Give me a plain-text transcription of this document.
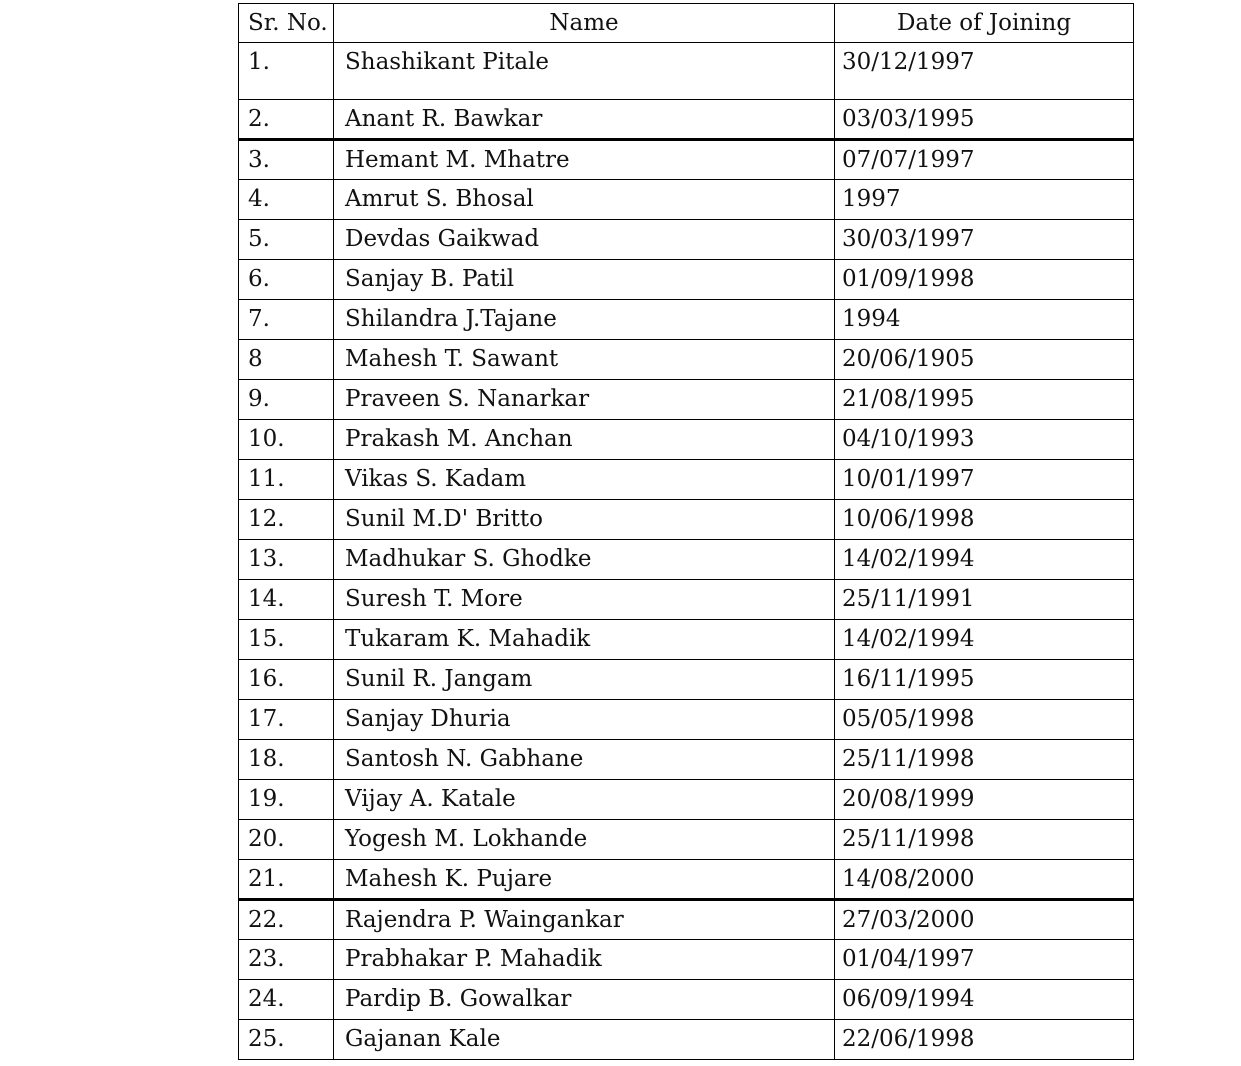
Sr. No.	Name	Date of Joining
1.	Shashikant Pitale	30/12/1997
2.	Anant R. Bawkar	03/03/1995
3.	Hemant M. Mhatre	07/07/1997
4.	Amrut S. Bhosal	1997
5.	Devdas Gaikwad	30/03/1997
6.	Sanjay B. Patil	01/09/1998
7.	Shilandra J.Tajane	1994
8	Mahesh T. Sawant	20/06/1905
9.	Praveen S. Nanarkar	21/08/1995
10.	Prakash M. Anchan	04/10/1993
11.	Vikas S. Kadam	10/01/1997
12.	Sunil M.D' Britto	10/06/1998
13.	Madhukar S. Ghodke	14/02/1994
14.	Suresh T. More	25/11/1991
15.	Tukaram K. Mahadik	14/02/1994
16.	Sunil R. Jangam	16/11/1995
17.	Sanjay Dhuria	05/05/1998
18.	Santosh N. Gabhane	25/11/1998
19.	Vijay A. Katale	20/08/1999
20.	Yogesh M. Lokhande	25/11/1998
21.	Mahesh K. Pujare	14/08/2000
22.	Rajendra P. Waingankar	27/03/2000
23.	Prabhakar P. Mahadik	01/04/1997
24.	Pardip B. Gowalkar	06/09/1994
25.	Gajanan Kale	22/06/1998
